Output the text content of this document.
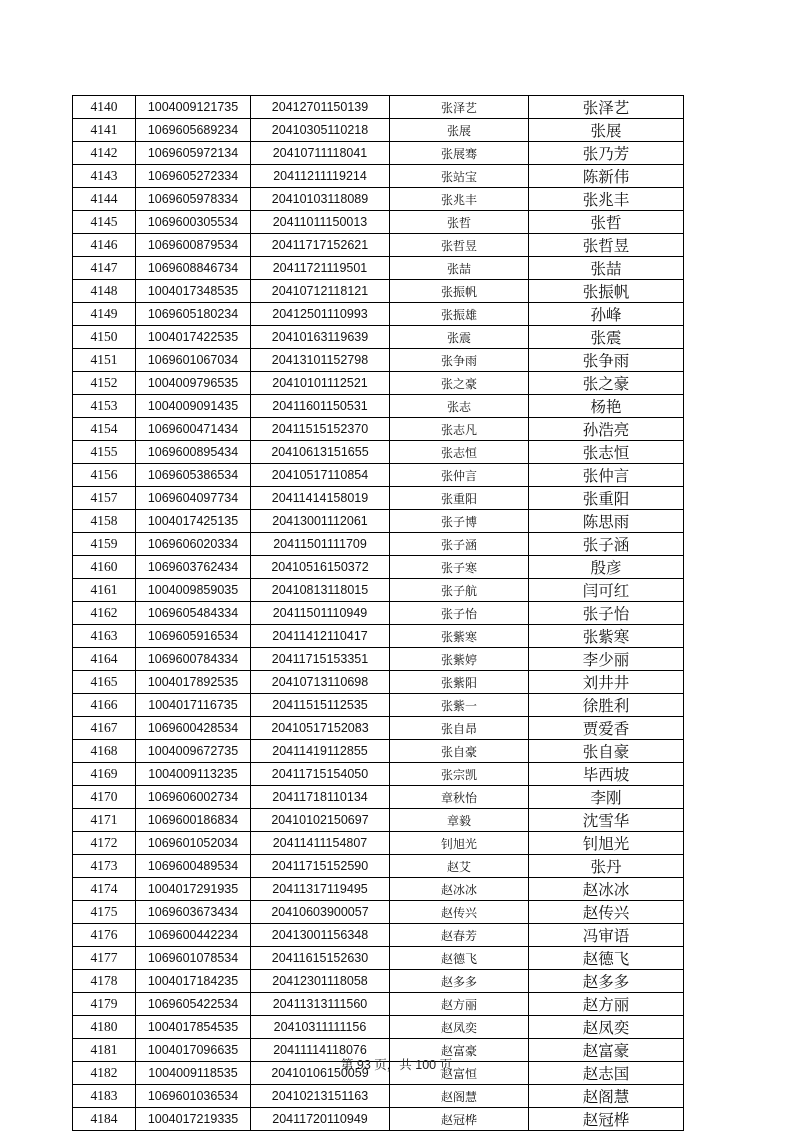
4140	1004009121735	20412701150139	张泽艺	张泽艺
4141	1069605689234	20410305110218	张展	张展
4142	1069605972134	20410711118041	张展骞	张乃芳
4143	1069605272334	20411211119214	张站宝	陈新伟
4144	1069605978334	20410103118089	张兆丰	张兆丰
4145	1069600305534	20411011150013	张哲	张哲
4146	1069600879534	20411717152621	张哲昱	张哲昱
4147	1069608846734	20411721119501	张喆	张喆
4148	1004017348535	20410712118121	张振帆	张振帆
4149	1069605180234	20412501110993	张振雄	孙峰
4150	1004017422535	20410163119639	张震	张震
4151	1069601067034	20413101152798	张争雨	张争雨
4152	1004009796535	20410101112521	张之豪	张之豪
4153	1004009091435	20411601150531	张志	杨艳
4154	1069600471434	20411515152370	张志凡	孙浩亮
4155	1069600895434	20410613151655	张志恒	张志恒
4156	1069605386534	20410517110854	张仲言	张仲言
4157	1069604097734	20411414158019	张重阳	张重阳
4158	1004017425135	20413001112061	张子博	陈思雨
4159	1069606020334	20411501111709	张子涵	张子涵
4160	1069603762434	20410516150372	张子寒	殷彦
4161	1004009859035	20410813118015	张子航	闫可红
4162	1069605484334	20411501110949	张子怡	张子怡
4163	1069605916534	20411412110417	张紫寒	张紫寒
4164	1069600784334	20411715153351	张紫婷	李少丽
4165	1004017892535	20410713110698	张紫阳	刘井井
4166	1004017116735	20411515112535	张紫一	徐胜利
4167	1069600428534	20410517152083	张自昂	贾爱香
4168	1004009672735	20411419112855	张自豪	张自豪
4169	1004009113235	20411715154050	张宗凯	毕西坡
4170	1069606002734	20411718110134	章秋怡	李刚
4171	1069600186834	20410102150697	章毅	沈雪华
4172	1069601052034	20411411154807	钊旭光	钊旭光
4173	1069600489534	20411715152590	赵艾	张丹
4174	1004017291935	20411317119495	赵冰冰	赵冰冰
4175	1069603673434	20410603900057	赵传兴	赵传兴
4176	1069600442234	20413001156348	赵春芳	冯审语
4177	1069601078534	20411615152630	赵德飞	赵德飞
4178	1004017184235	20412301118058	赵多多	赵多多
4179	1069605422534	20411313111560	赵方丽	赵方丽
4180	1004017854535	20410311111156	赵凤奕	赵凤奕
4181	1004017096635	20411114118076	赵富豪	赵富豪
4182	1004009118535	20410106150059	赵富恒	赵志国
4183	1069601036534	20410213151163	赵阁慧	赵阁慧
4184	1004017219335	20411720110949	赵冠桦	赵冠桦
第 93 页，共 100 页
